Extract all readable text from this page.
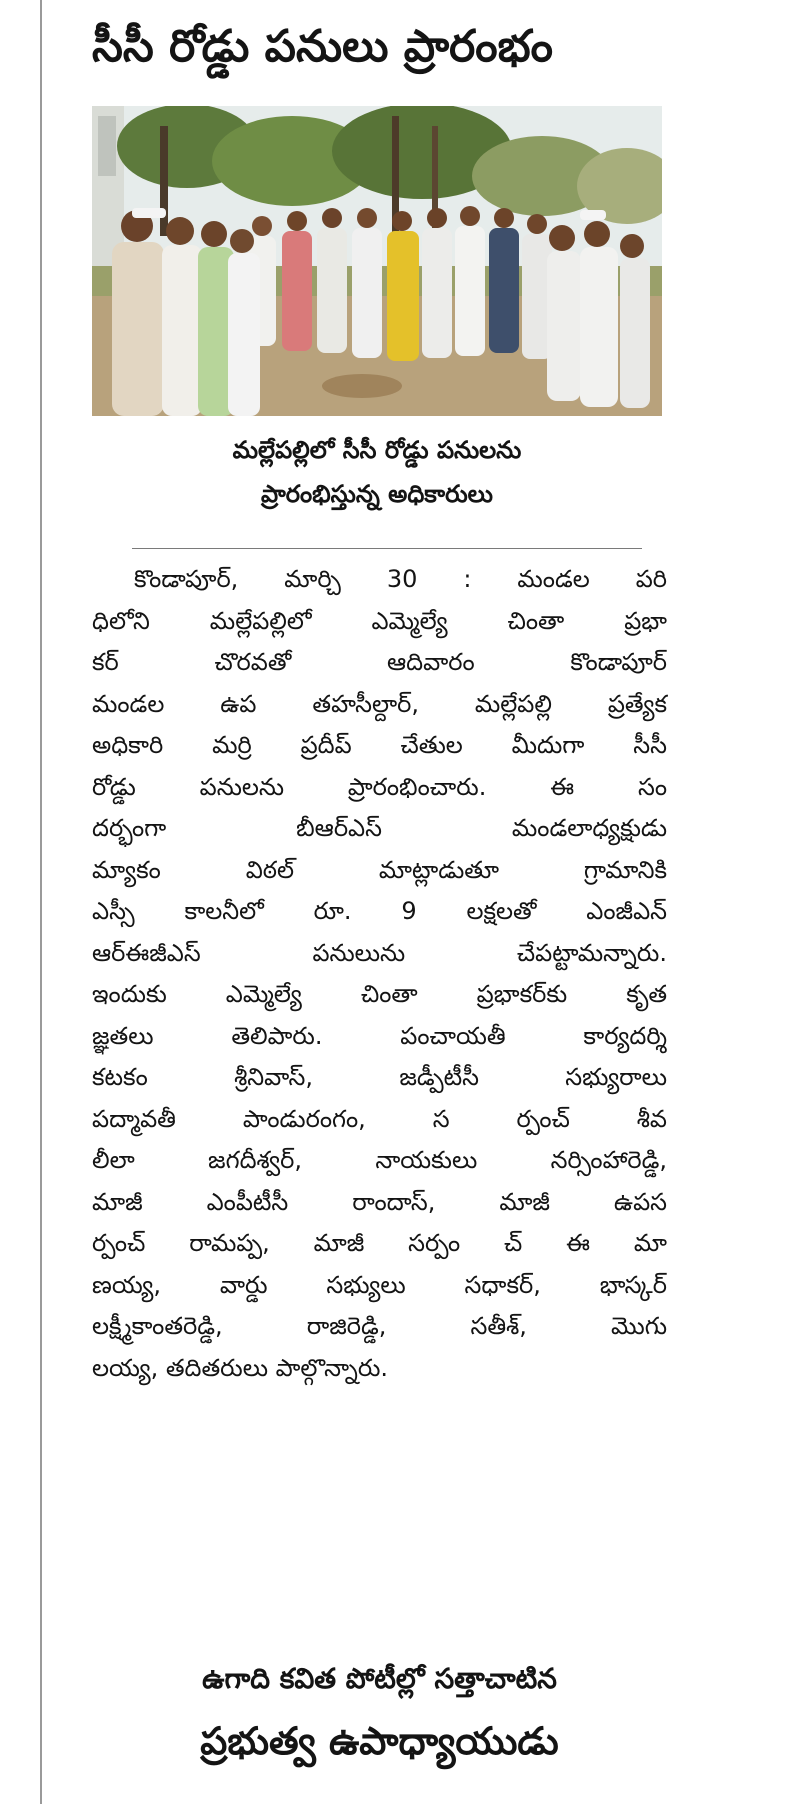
సీసీ రోడ్డు పనులు ప్రారంభం
మల్లేపల్లిలో సీసీ రోడ్డు పనులను
ప్రారంభిస్తున్న అధికారులు
కొండాపూర్, మార్చి 30 : మండల పరి
ధిలోని మల్లేపల్లిలో ఎమ్మెల్యే చింతా ప్రభా
కర్ చొరవతో ఆదివారం కొండాపూర్
మండల ఉప తహసీల్దార్, మల్లేపల్లి ప్రత్యేక
అధికారి మర్రి ప్రదీప్ చేతుల మీదుగా సీసీ
రోడ్డు పనులను ప్రారంభించారు. ఈ సం
దర్భంగా బీఆర్ఎస్ మండలాధ్యక్షుడు
మ్యాకం విఠల్ మాట్లాడుతూ గ్రామానికి
ఎస్సీ కాలనీలో రూ. 9 లక్షలతో ఎంజీఎన్
ఆర్ఈజీఎస్ పనులును చేపట్టామన్నారు.
ఇందుకు ఎమ్మెల్యే చింతా ప్రభాకర్‌కు కృత
జ్ఞతలు తెలిపారు. పంచాయతీ కార్యదర్శి
కటకం శ్రీనివాస్, జడ్పీటీసీ సభ్యురాలు
పద్మావతీ పాండురంగం, స ర్పంచ్ శీవ
లీలా జగదీశ్వర్, నాయకులు నర్సింహారెడ్డి,
మాజీ ఎంపీటీసీ రాందాస్, మాజీ ఉపస
ర్పంచ్ రామప్ప, మాజీ సర్పం చ్ ఈ మా
ణయ్య, వార్డు సభ్యులు సధాకర్, భాస్కర్
లక్ష్మీకాంతరెడ్డి, రాజిరెడ్డి, సతీశ్, మొగు
లయ్య, తదితరులు పాల్గొన్నారు.
ఉగాది కవిత పోటీల్లో సత్తాచాటిన
ప్రభుత్వ ఉపాధ్యాయుడు
